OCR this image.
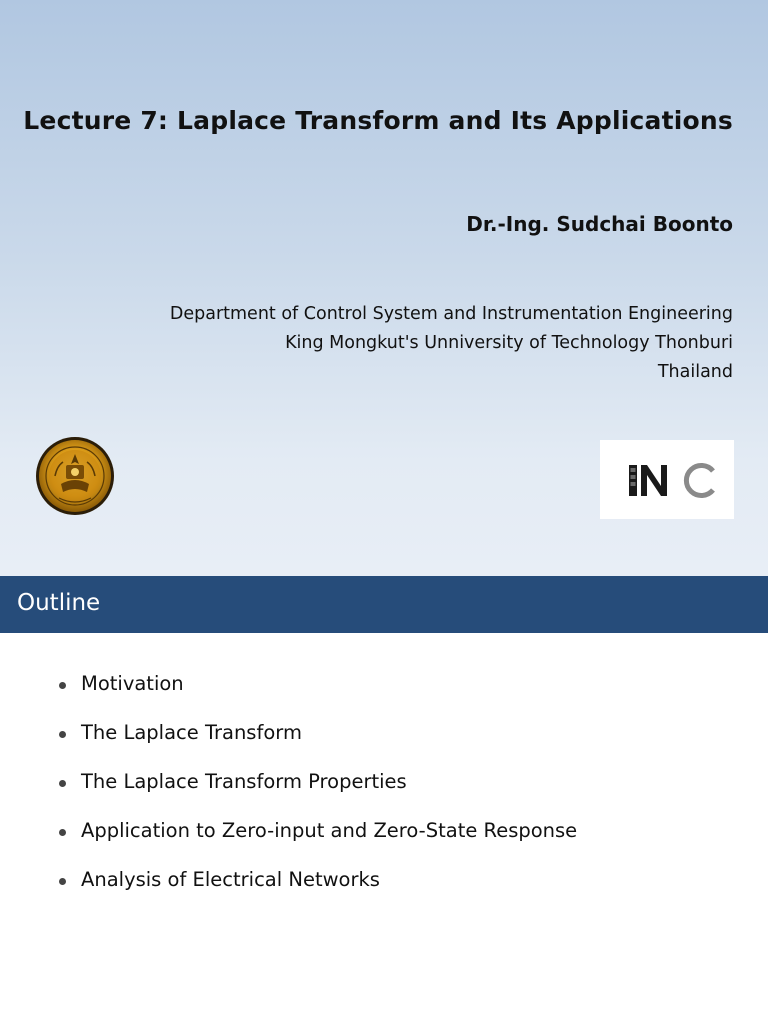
Lecture 7: Laplace Transform and Its Applications
Dr.-Ing. Sudchai Boonto
Department of Control System and Instrumentation Engineering
King Mongkut's Unniversity of Technology Thonburi
Thailand
Outline
Motivation
The Laplace Transform
The Laplace Transform Properties
Application to Zero-input and Zero-State Response
Analysis of Electrical Networks
